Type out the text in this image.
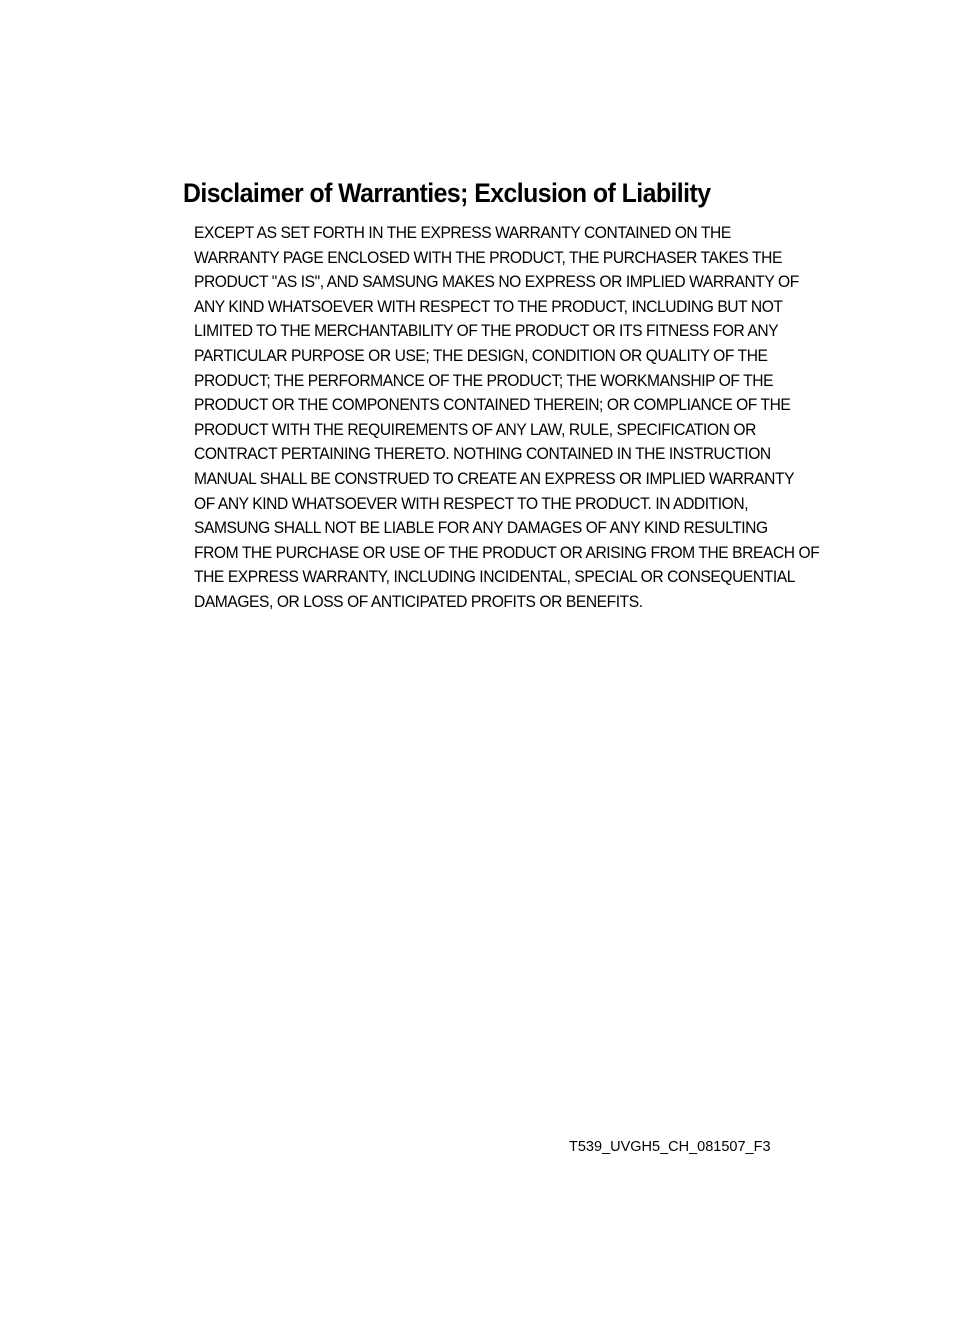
Disclaimer of Warranties; Exclusion of Liability
EXCEPT AS SET FORTH IN THE EXPRESS WARRANTY CONTAINED ON THE
WARRANTY PAGE ENCLOSED WITH THE PRODUCT, THE PURCHASER TAKES THE
PRODUCT "AS IS", AND SAMSUNG MAKES NO EXPRESS OR IMPLIED WARRANTY OF
ANY KIND WHATSOEVER WITH RESPECT TO THE PRODUCT, INCLUDING BUT NOT
LIMITED TO THE MERCHANTABILITY OF THE PRODUCT OR ITS FITNESS FOR ANY
PARTICULAR PURPOSE OR USE; THE DESIGN, CONDITION OR QUALITY OF THE
PRODUCT; THE PERFORMANCE OF THE PRODUCT; THE WORKMANSHIP OF THE
PRODUCT OR THE COMPONENTS CONTAINED THEREIN; OR COMPLIANCE OF THE
PRODUCT WITH THE REQUIREMENTS OF ANY LAW, RULE, SPECIFICATION OR
CONTRACT PERTAINING THERETO. NOTHING CONTAINED IN THE INSTRUCTION
MANUAL SHALL BE CONSTRUED TO CREATE AN EXPRESS OR IMPLIED WARRANTY
OF ANY KIND WHATSOEVER WITH RESPECT TO THE PRODUCT. IN ADDITION,
SAMSUNG SHALL NOT BE LIABLE FOR ANY DAMAGES OF ANY KIND RESULTING
FROM THE PURCHASE OR USE OF THE PRODUCT OR ARISING FROM THE BREACH OF
THE EXPRESS WARRANTY, INCLUDING INCIDENTAL, SPECIAL OR CONSEQUENTIAL
DAMAGES, OR LOSS OF ANTICIPATED PROFITS OR BENEFITS.
T539_UVGH5_CH_081507_F3
